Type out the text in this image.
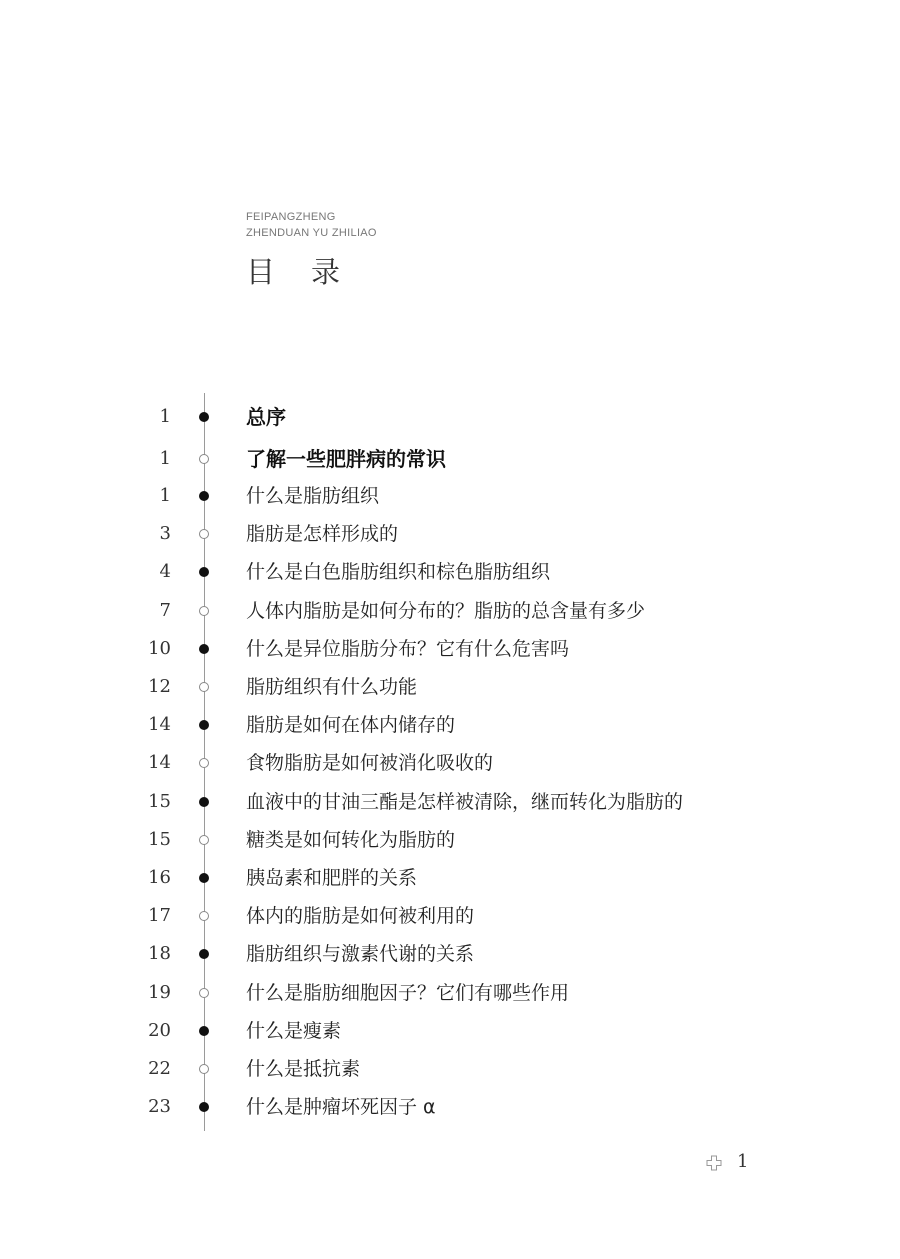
FEIPANGZHENG
ZHENDUAN YU ZHILIAO
目录
1	总序
1	了解一些肥胖病的常识
1	什么是脂肪组织
3	脂肪是怎样形成的
4	什么是白色脂肪组织和棕色脂肪组织
7	人体内脂肪是如何分布的？脂肪的总含量有多少
10	什么是异位脂肪分布？它有什么危害吗
12	脂肪组织有什么功能
14	脂肪是如何在体内储存的
14	食物脂肪是如何被消化吸收的
15	血液中的甘油三酯是怎样被清除，继而转化为脂肪的
15	糖类是如何转化为脂肪的
16	胰岛素和肥胖的关系
17	体内的脂肪是如何被利用的
18	脂肪组织与激素代谢的关系
19	什么是脂肪细胞因子？它们有哪些作用
20	什么是瘦素
22	什么是抵抗素
23	什么是肿瘤坏死因子 α
1
